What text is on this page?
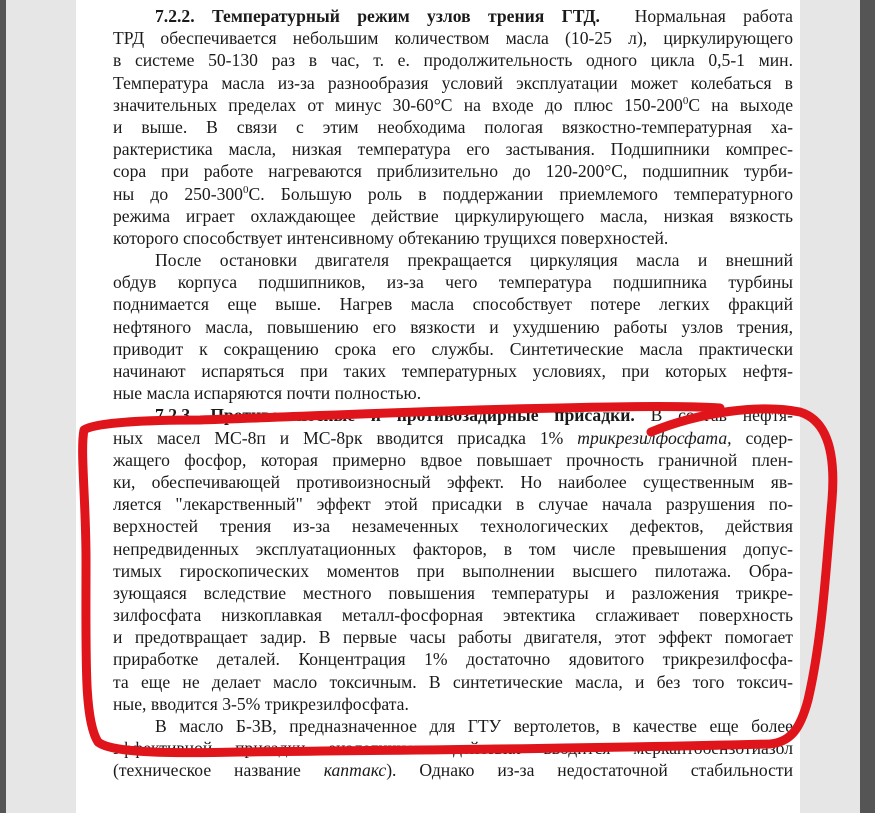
7.2.2. Температурный режим узлов трения ГТД. Нормальная работа
ТРД обеспечивается небольшим количеством масла (10-25 л), циркулирующего
в системе 50-130 раз в час, т. е. продолжительность одного цикла 0,5-1 мин.
Температура масла из-за разнообразия условий эксплуатации может колебаться в
значительных пределах от минус 30-60°С на входе до плюс $150-200^0С$ на выходе
и выше. В связи с этим необходима пологая вязкостно-температурная ха-
рактеристика масла, низкая температура его застывания. Подшипники компрес-
сора при работе нагреваются приблизительно до 120-200°С, подшипник турби-
ны до $250-300^0С$. Большую роль в поддержании приемлемого температурного
режима играет охлаждающее действие циркулирующего масла, низкая вязкость
которого способствует интенсивному обтеканию трущихся поверхностей.
После остановки двигателя прекращается циркуляция масла и внешний
обдув корпуса подшипников, из-за чего температура подшипника турбины
поднимается еще выше. Нагрев масла способствует потере легких фракций
нефтяного масла, повышению его вязкости и ухудшению работы узлов трения,
приводит к сокращению срока его службы. Синтетические масла практически
начинают испаряться при таких температурных условиях, при которых нефтя-
ные масла испаряются почти полностью.
7.2.3. Противоизносные и противозадирные присадки. В состав нефтя-
ных масел МС-8п и МС-8рк вводится присадка 1% трикрезилфосфата, содер-
жащего фосфор, которая примерно вдвое повышает прочность граничной плен-
ки, обеспечивающей противоизносный эффект. Но наиболее существенным яв-
ляется "лекарственный" эффект этой присадки в случае начала разрушения по-
верхностей трения из-за незамеченных технологических дефектов, действия
непредвиденных эксплуатационных факторов, в том числе превышения допус-
тимых гироскопических моментов при выполнении высшего пилотажа. Обра-
зующаяся вследствие местного повышения температуры и разложения трикре-
зилфосфата низкоплавкая металл-фосфорная эвтектика сглаживает поверхность
и предотвращает задир. В первые часы работы двигателя, этот эффект помогает
приработке деталей. Концентрация 1% достаточно ядовитого трикрезилфосфа-
та еще не делает масло токсичным. В синтетические масла, и без того токсич-
ные, вводится 3-5% трикрезилфосфата.
В масло Б-3В, предназначенное для ГТУ вертолетов, в качестве еще более
эффективной присадки аналогичного действия вводится меркаптобензотиазол
(техническое название каптакс). Однако из-за недостаточной стабильности
